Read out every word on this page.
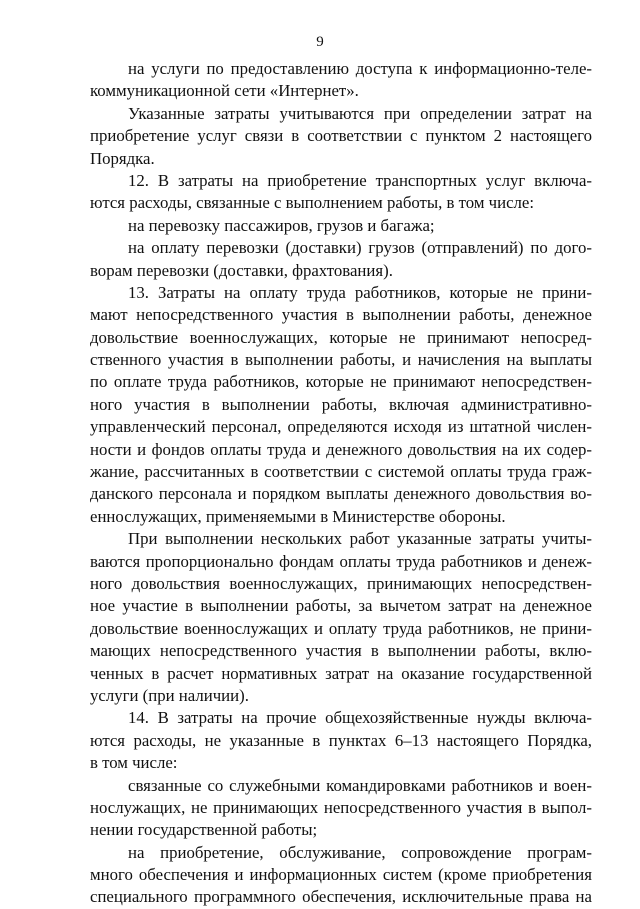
9
на услуги по предоставлению доступа к информационно-теле-
коммуникационной сети «Интернет».
Указанные затраты учитываются при определении затрат на
приобретение услуг связи в соответствии с пунктом 2 настоящего
Порядка.
12. В затраты на приобретение транспортных услуг включа-
ются расходы, связанные с выполнением работы, в том числе:
на перевозку пассажиров, грузов и багажа;
на оплату перевозки (доставки) грузов (отправлений) по дого-
ворам перевозки (доставки, фрахтования).
13. Затраты на оплату труда работников, которые не прини-
мают непосредственного участия в выполнении работы, денежное
довольствие военнослужащих, которые не принимают непосред-
ственного участия в выполнении работы, и начисления на выплаты
по оплате труда работников, которые не принимают непосредствен-
ного участия в выполнении работы, включая административно-
управленческий персонал, определяются исходя из штатной числен-
ности и фондов оплаты труда и денежного довольствия на их содер-
жание, рассчитанных в соответствии с системой оплаты труда граж-
данского персонала и порядком выплаты денежного довольствия во-
еннослужащих, применяемыми в Министерстве обороны.
При выполнении нескольких работ указанные затраты учиты-
ваются пропорционально фондам оплаты труда работников и денеж-
ного довольствия военнослужащих, принимающих непосредствен-
ное участие в выполнении работы, за вычетом затрат на денежное
довольствие военнослужащих и оплату труда работников, не прини-
мающих непосредственного участия в выполнении работы, вклю-
ченных в расчет нормативных затрат на оказание государственной
услуги (при наличии).
14. В затраты на прочие общехозяйственные нужды включа-
ются расходы, не указанные в пунктах 6–13 настоящего Порядка,
в том числе:
связанные со служебными командировками работников и воен-
нослужащих, не принимающих непосредственного участия в выпол-
нении государственной работы;
на приобретение, обслуживание, сопровождение програм-
много обеспечения и информационных систем (кроме приобретения
специального программного обеспечения, исключительные права на
